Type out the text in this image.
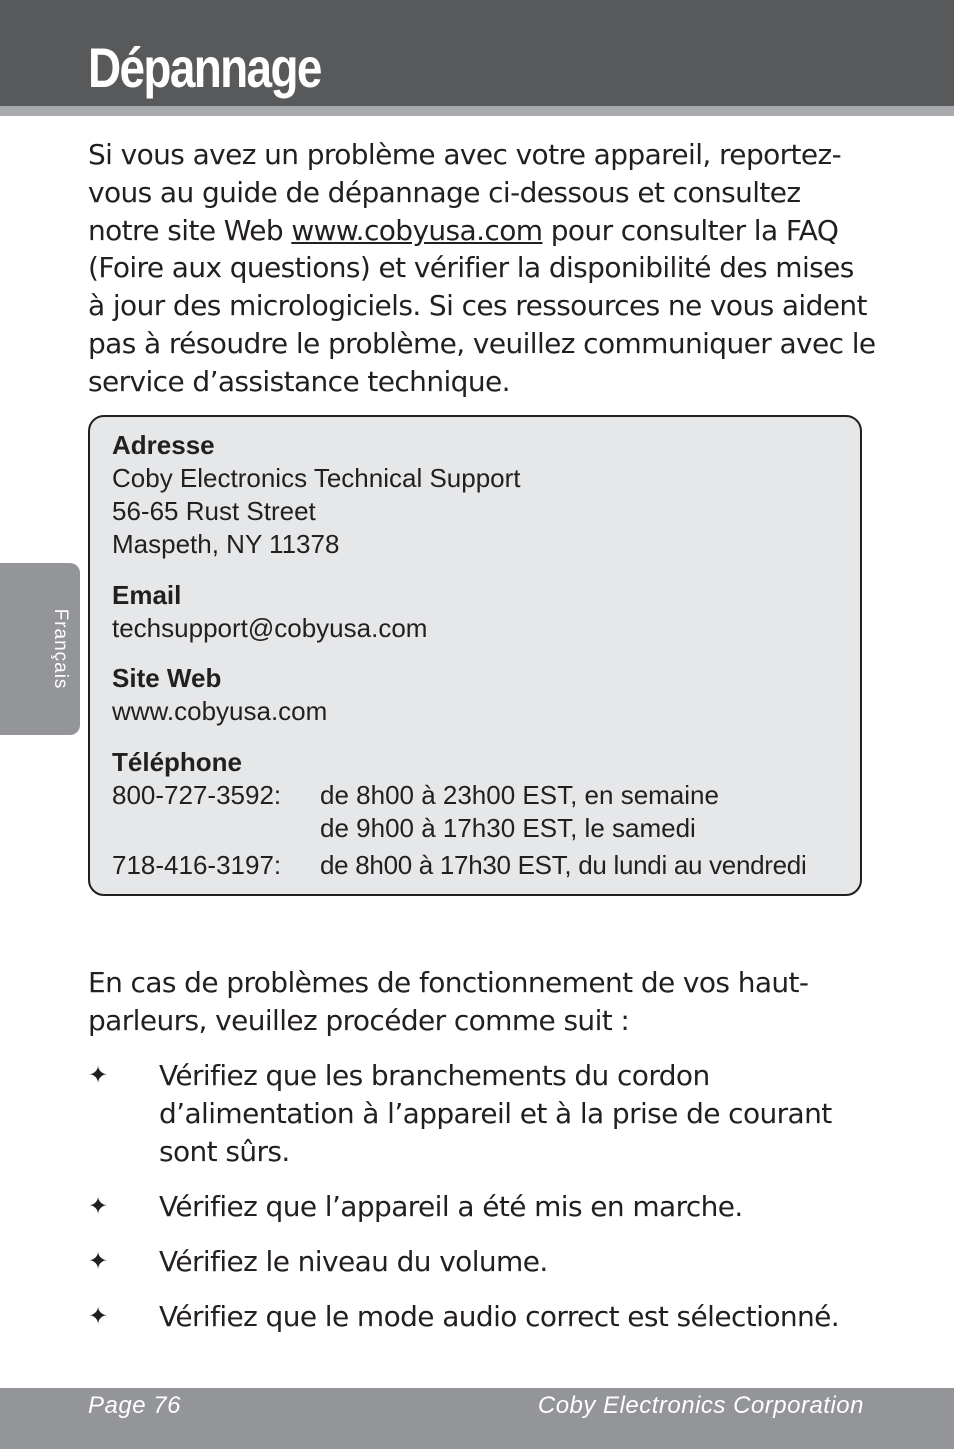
Dépannage

Si vous avez un problème avec votre appareil, reportez-vous au guide de dépannage ci-dessous et consultez notre site Web www.cobyusa.com pour consulter la FAQ (Foire aux questions) et vérifier la disponibilité des mises à jour des micrologiciels. Si ces ressources ne vous aident pas à résoudre le problème, veuillez communiquer avec le service d’assistance technique.

Adresse
Coby Electronics Technical Support
56-65 Rust Street
Maspeth, NY 11378
Email
techsupport@cobyusa.com
Site Web
www.cobyusa.com
Téléphone
800-727-3592: de 8h00 à 23h00 EST, en semaine
de 9h00 à 17h30 EST, le samedi
718-416-3197: de 8h00 à 17h30 EST, du lundi au vendredi
Français

En cas de problèmes de fonctionnement de vos haut-parleurs, veuillez procéder comme suit :

✦ Vérifiez que les branchements du cordon d’alimentation à l’appareil et à la prise de courant sont sûrs.
✦ Vérifiez que l’appareil a été mis en marche.
✦ Vérifiez le niveau du volume.
✦ Vérifiez que le mode audio correct est sélectionné.
Page 76	Coby Electronics Corporation
